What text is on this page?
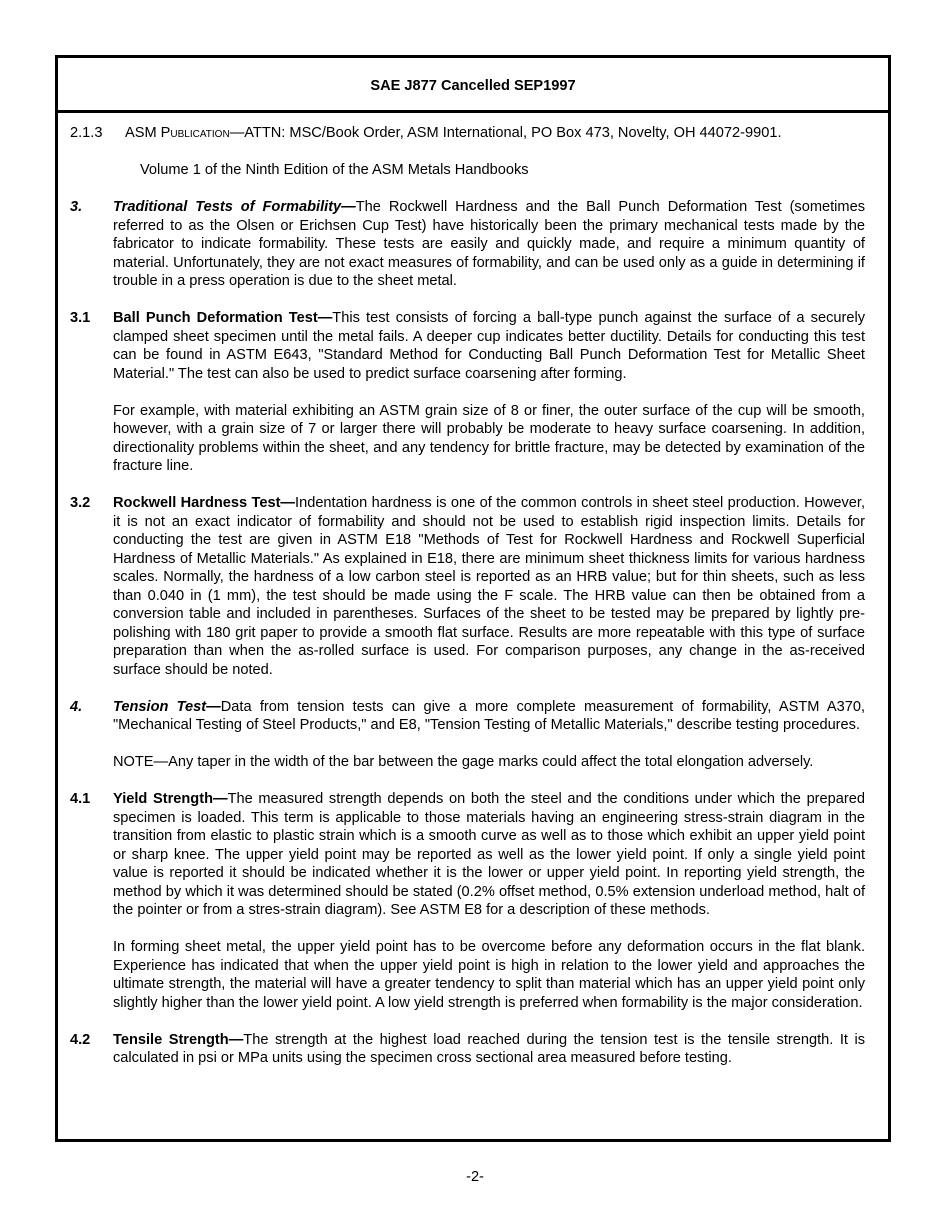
SAE J877 Cancelled SEP1997
2.1.3	ASM Publication—ATTN: MSC/Book Order, ASM International, PO Box 473, Novelty, OH 44072-9901.
Volume 1 of the Ninth Edition of the ASM Metals Handbooks
3.	Traditional Tests of Formability—The Rockwell Hardness and the Ball Punch Deformation Test (sometimes referred to as the Olsen or Erichsen Cup Test) have historically been the primary mechanical tests made by the fabricator to indicate formability. These tests are easily and quickly made, and require a minimum quantity of material. Unfortunately, they are not exact measures of formability, and can be used only as a guide in determining if trouble in a press operation is due to the sheet metal.
3.1	Ball Punch Deformation Test—This test consists of forcing a ball-type punch against the surface of a securely clamped sheet specimen until the metal fails. A deeper cup indicates better ductility. Details for conducting this test can be found in ASTM E643, "Standard Method for Conducting Ball Punch Deformation Test for Metallic Sheet Material." The test can also be used to predict surface coarsening after forming.
For example, with material exhibiting an ASTM grain size of 8 or finer, the outer surface of the cup will be smooth, however, with a grain size of 7 or larger there will probably be moderate to heavy surface coarsening. In addition, directionality problems within the sheet, and any tendency for brittle fracture, may be detected by examination of the fracture line.
3.2	Rockwell Hardness Test—Indentation hardness is one of the common controls in sheet steel production. However, it is not an exact indicator of formability and should not be used to establish rigid inspection limits. Details for conducting the test are given in ASTM E18 "Methods of Test for Rockwell Hardness and Rockwell Superficial Hardness of Metallic Materials." As explained in E18, there are minimum sheet thickness limits for various hardness scales. Normally, the hardness of a low carbon steel is reported as an HRB value; but for thin sheets, such as less than 0.040 in (1 mm), the test should be made using the F scale. The HRB value can then be obtained from a conversion table and included in parentheses. Surfaces of the sheet to be tested may be prepared by lightly pre-polishing with 180 grit paper to provide a smooth flat surface. Results are more repeatable with this type of surface preparation than when the as-rolled surface is used. For comparison purposes, any change in the as-received surface should be noted.
4.	Tension Test—Data from tension tests can give a more complete measurement of formability, ASTM A370, "Mechanical Testing of Steel Products," and E8, "Tension Testing of Metallic Materials," describe testing procedures.
NOTE—Any taper in the width of the bar between the gage marks could affect the total elongation adversely.
4.1	Yield Strength—The measured strength depends on both the steel and the conditions under which the prepared specimen is loaded. This term is applicable to those materials having an engineering stress-strain diagram in the transition from elastic to plastic strain which is a smooth curve as well as to those which exhibit an upper yield point or sharp knee. The upper yield point may be reported as well as the lower yield point. If only a single yield point value is reported it should be indicated whether it is the lower or upper yield point. In reporting yield strength, the method by which it was determined should be stated (0.2% offset method, 0.5% extension underload method, halt of the pointer or from a stres-strain diagram). See ASTM E8 for a description of these methods.
In forming sheet metal, the upper yield point has to be overcome before any deformation occurs in the flat blank. Experience has indicated that when the upper yield point is high in relation to the lower yield and approaches the ultimate strength, the material will have a greater tendency to split than material which has an upper yield point only slightly higher than the lower yield point. A low yield strength is preferred when formability is the major consideration.
4.2	Tensile Strength—The strength at the highest load reached during the tension test is the tensile strength. It is calculated in psi or MPa units using the specimen cross sectional area measured before testing.
-2-
